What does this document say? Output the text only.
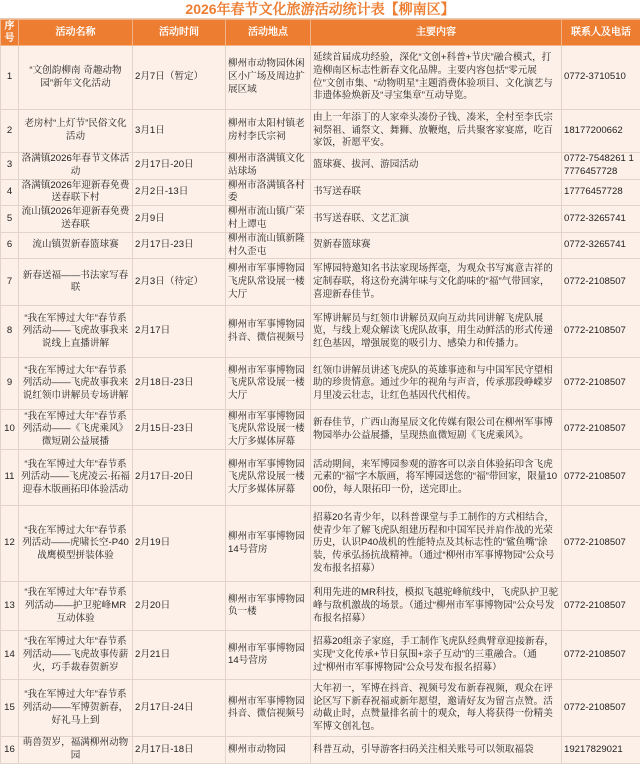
2026年春节文化旅游活动统计表【柳南区】
序号	活动名称	活动时间	活动地点	主要内容	联系人及电话
1	“文创韵柳南 奇趣动物园”新年文化活动	2月7日（暂定）	柳州市动物园休闲区小广场及周边扩展区域	延续首届成功经验，深化“文创+科普+节庆”融合模式，打造柳南区标志性新春文化品牌。主要内容包括“零元展位”文创市集、“动物明星”主题消费体验项目、文化演艺与非遗体验焕新及“寻宝集章”互动导览。	0772-3710510
2	老房村“上灯节”民俗文化活动	3月1日	柳州市太阳村镇老房村李氏宗祠	由上一年添丁的人家牵头凑份子钱、凑米，全村至李氏宗祠祭祖、诵祭文、舞狮、放鞭炮，后共聚客家宴席，吃百家饭，祈愿平安。	18177200662
3	洛满镇2026年春节文体活动	2月17日-20日	柳州市洛满镇文化站球场	篮球赛、拔河、游园活动	0772-7548261 17776457728
4	洛满镇2026年迎新春免费送春联下村	2月2日-13日	柳州市洛满镇各村委	书写送春联	17776457728
5	流山镇2026年迎新春免费送春联	2月9日	柳州市流山镇广荣村上谭屯	书写送春联、文艺汇演	0772-3265741
6	流山镇贺新春篮球赛	2月17日-23日	柳州市流山镇新隆村久歪屯	贺新春篮球赛	0772-3265741
7	新春送福——书法家写春联	2月3日（待定）	柳州市军事博物园飞虎队常设展一楼大厅	军博园特邀知名书法家现场挥毫，为观众书写寓意吉祥的定制春联，将这份充满年味与文化韵味的“福”气带回家，喜迎新春佳节。	0772-2108507
8	“我在军博过大年”春节系列活动——飞虎故事我来说线上直播讲解	2月17日	柳州市军事博物园抖音、微信视频号	军博讲解员与红领巾讲解员双向互动共同讲解飞虎队展览，与线上观众解读飞虎队故事，用生动鲜活的形式传递红色基因，增强展览的吸引力、感染力和传播力。	0772-2108507
9	“我在军博过大年”春节系列活动——飞虎故事我来说红领巾讲解员专场讲解	2月18日-23日	柳州市军事博物园飞虎队常设展一楼大厅	红领巾讲解员讲述飞虎队的英雄事迹和与中国军民守望相助的珍贵情意。通过少年的视角与声音，传承那段峥嵘岁月里凌云壮志，让红色基因代代相传。	0772-2108507
10	“我在军博过大年”春节系列活动——《飞虎乘风》微短剧公益展播	2月15日-23日	柳州市军事博物园飞虎队常设展一楼大厅多媒体屏幕	新春佳节，广西山海星辰文化传媒有限公司在柳州军事博物园举办公益展播，呈现热血微短剧《飞虎乘风》。	0772-2108507
11	“我在军博过大年”春节系列活动——飞虎凌云·拓福迎春木版画拓印体验活动	2月17日-20日	柳州市军事博物园飞虎队常设展一楼大厅多媒体屏幕	活动期间，来军博园参观的游客可以亲自体验拓印含飞虎元素的“福”字木版画，将军博园送您的“福”带回家，限量1000份，每人限拓印一份，送完即止。	0772-2108507
12	“我在军博过大年”春节系列活动——虎啸长空-P40战鹰模型拼装体验	2月19日	柳州市军事博物园14号营房	招募20名青少年，以科普课堂与手工制作的方式相结合，使青少年了解飞虎队组建历程和中国军民并肩作战的光荣历史，认识P40战机的性能特点及其标志性的“鲨鱼嘴”涂装，传承弘扬抗战精神。（通过“柳州市军事博物园”公众号发布报名招募）	0772-2108507
13	“我在军博过大年”春节系列活动——护卫驼峰MR互动体验	2月20日	柳州市军事博物园负一楼	利用先进的MR科技，模拟飞越驼峰航线中，飞虎队护卫驼峰与敌机激战的场景。（通过“柳州市军事博物园”公众号发布报名招募）	0772-2108507
14	“我在军博过大年”春节系列活动——飞虎故事传薪火，巧手裁春贺新岁	2月21日	柳州市军事博物园14号营房	招募20组亲子家庭，手工制作飞虎队经典臂章迎接新春，实现“文化传承+节日氛围+亲子互动”的三重融合。（通过“柳州市军事博物园”公众号发布报名招募）	0772-2108507
15	“我在军博过大年”春节系列活动——军博贺新春，好礼马上到	2月17日-24日	柳州市军事博物园抖音、微信视频号	大年初一，军博在抖音、视频号发布新春视频，观众在评论区写下新春祝福或新年愿望，邀请好友为留言点赞。活动截止时，点赞量排名前十的观众，每人将获得一份精美军博文创礼包。	0772-2108507
16	萌兽贺岁，福满柳州动物园	2月17日-18日	柳州市动物园	科普互动，引导游客扫码关注相关账号可以领取福袋	19217829021
